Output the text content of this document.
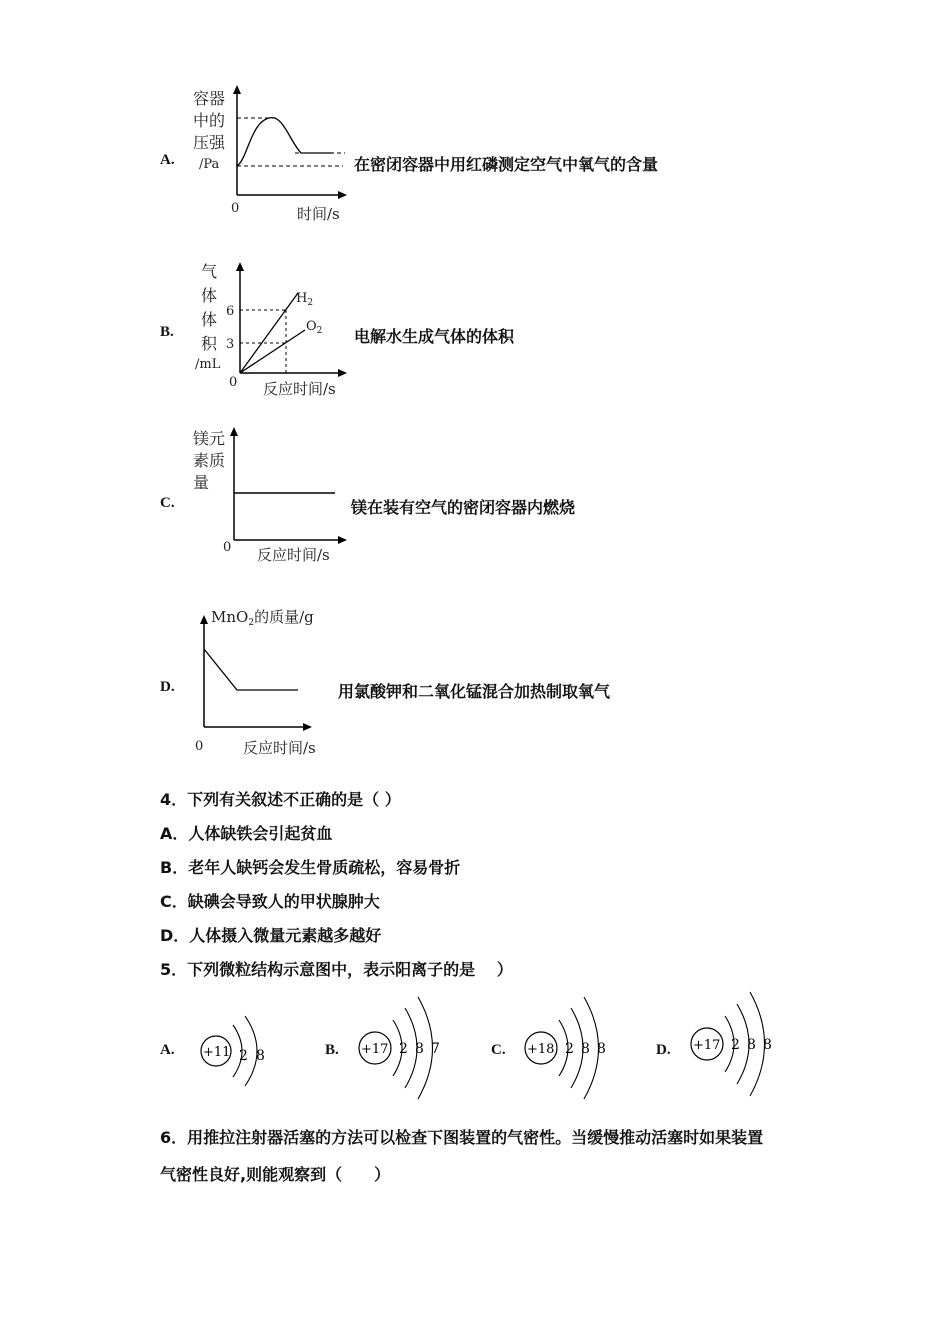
A.
容器
中的
压强
/Pa
0	时间/s
在密闭容器中用红磷测定空气中氧气的含量
B.
气
体
体
积
/mL
6
3
0
$H_2$
$O_2$
反应时间/s
电解水生成气体的体积
C.
镁元
素质
量
0 反应时间/s
镁在装有空气的密闭容器内燃烧
D.
MnO$_2$的质量/g
0	反应时间/s
用氯酸钾和二氧化锰混合加热制取氧气
4．下列有关叙述不正确的是（ ）
A．人体缺铁会引起贫血
B．老年人缺钙会发生骨质疏松，容易骨折
C．缺碘会导致人的甲状腺肿大
D．人体摄入微量元素越多越好
5．下列微粒结构示意图中，表示阳离子的是　 ）
A. +11 2 8	B. +17 2 8 7	C. +18 2 8 8	D. +17 2 8 8
6．用推拉注射器活塞的方法可以检查下图装置的气密性。当缓慢推动活塞时如果装置
气密性良好,则能观察到（　　）
